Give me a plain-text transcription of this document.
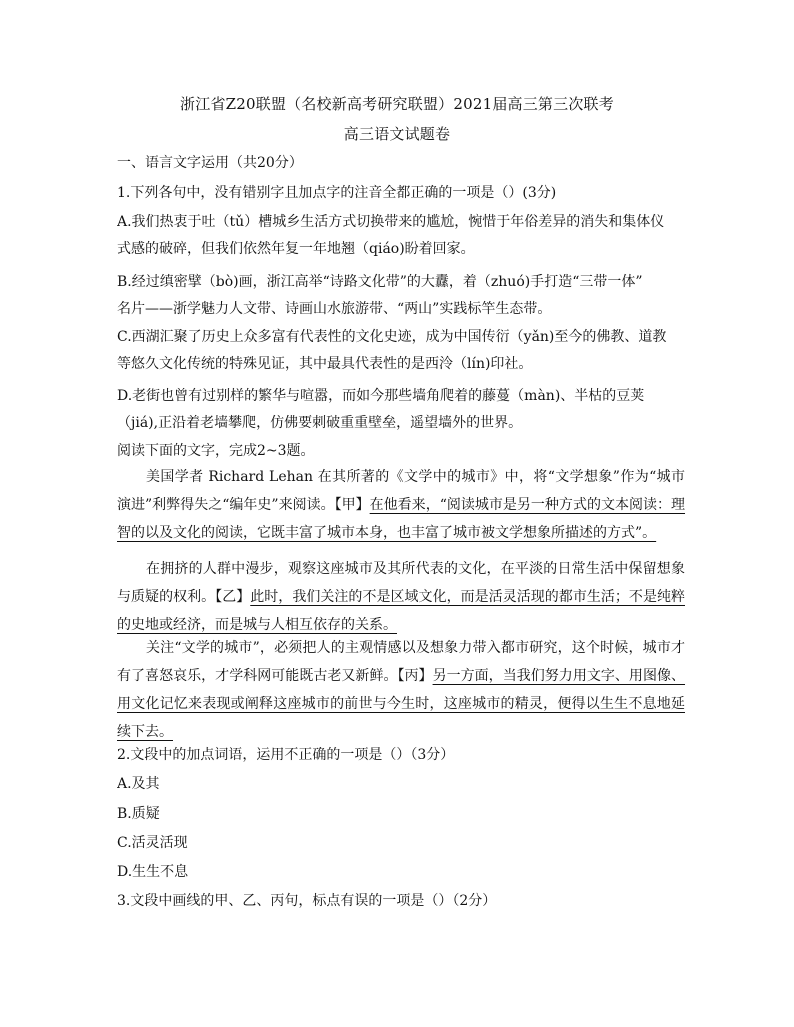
浙江省Z20联盟（名校新高考研究联盟）2021届高三第三次联考
高三语文试题卷
一、语言文字运用（共20分）
1.下列各句中，没有错别字且加点字的注音全都正确的一项是（）(3分)
A.我们热衷于吐（tǔ）槽城乡生活方式切换带来的尴尬，惋惜于年俗差异的消失和集体仪
式感的破碎，但我们依然年复一年地翘（qiáo)盼着回家。
B.经过缜密擘（bò)画，浙江高举“诗路文化带”的大纛，着（zhuó)手打造“三带一体”
名片——浙学魅力人文带、诗画山水旅游带、“两山”实践标竿生态带。
C.西湖汇聚了历史上众多富有代表性的文化史迹，成为中国传衍（yǎn)至今的佛教、道教
等悠久文化传统的特殊见证，其中最具代表性的是西泠（lín)印社。
D.老街也曾有过别样的繁华与喧嚣，而如今那些墙角爬着的藤蔓（màn)、半枯的豆荚
（jiá),正沿着老墙攀爬，仿佛要刺破重重壁垒，遥望墙外的世界。
阅读下面的文字，完成2~3题。
美国学者 Richard Lehan 在其所著的《文学中的城市》中，将“文学想象”作为“城市演进”利弊得失之“编年史”来阅读。【甲】在他看来，“阅读城市是另一种方式的文本阅读：理智的以及文化的阅读，它既丰富了城市本身，也丰富了城市被文学想象所描述的方式”。
在拥挤的人群中漫步，观察这座城市及其所代表的文化，在平淡的日常生活中保留想象与质疑的权利。【乙】此时，我们关注的不是区域文化，而是活灵活现的都市生活；不是纯粹的史地或经济，而是城与人相互依存的关系。
关注“文学的城市”，必须把人的主观情感以及想象力带入都市研究，这个时候，城市才有了喜怒哀乐，才学科网可能既古老又新鲜。【丙】另一方面，当我们努力用文字、用图像、用文化记忆来表现或阐释这座城市的前世与今生时，这座城市的精灵，便得以生生不息地延续下去。
2.文段中的加点词语，运用不正确的一项是（）（3分）
A.及其
B.质疑
C.活灵活现
D.生生不息
3.文段中画线的甲、乙、丙句，标点有误的一项是（）（2分）
